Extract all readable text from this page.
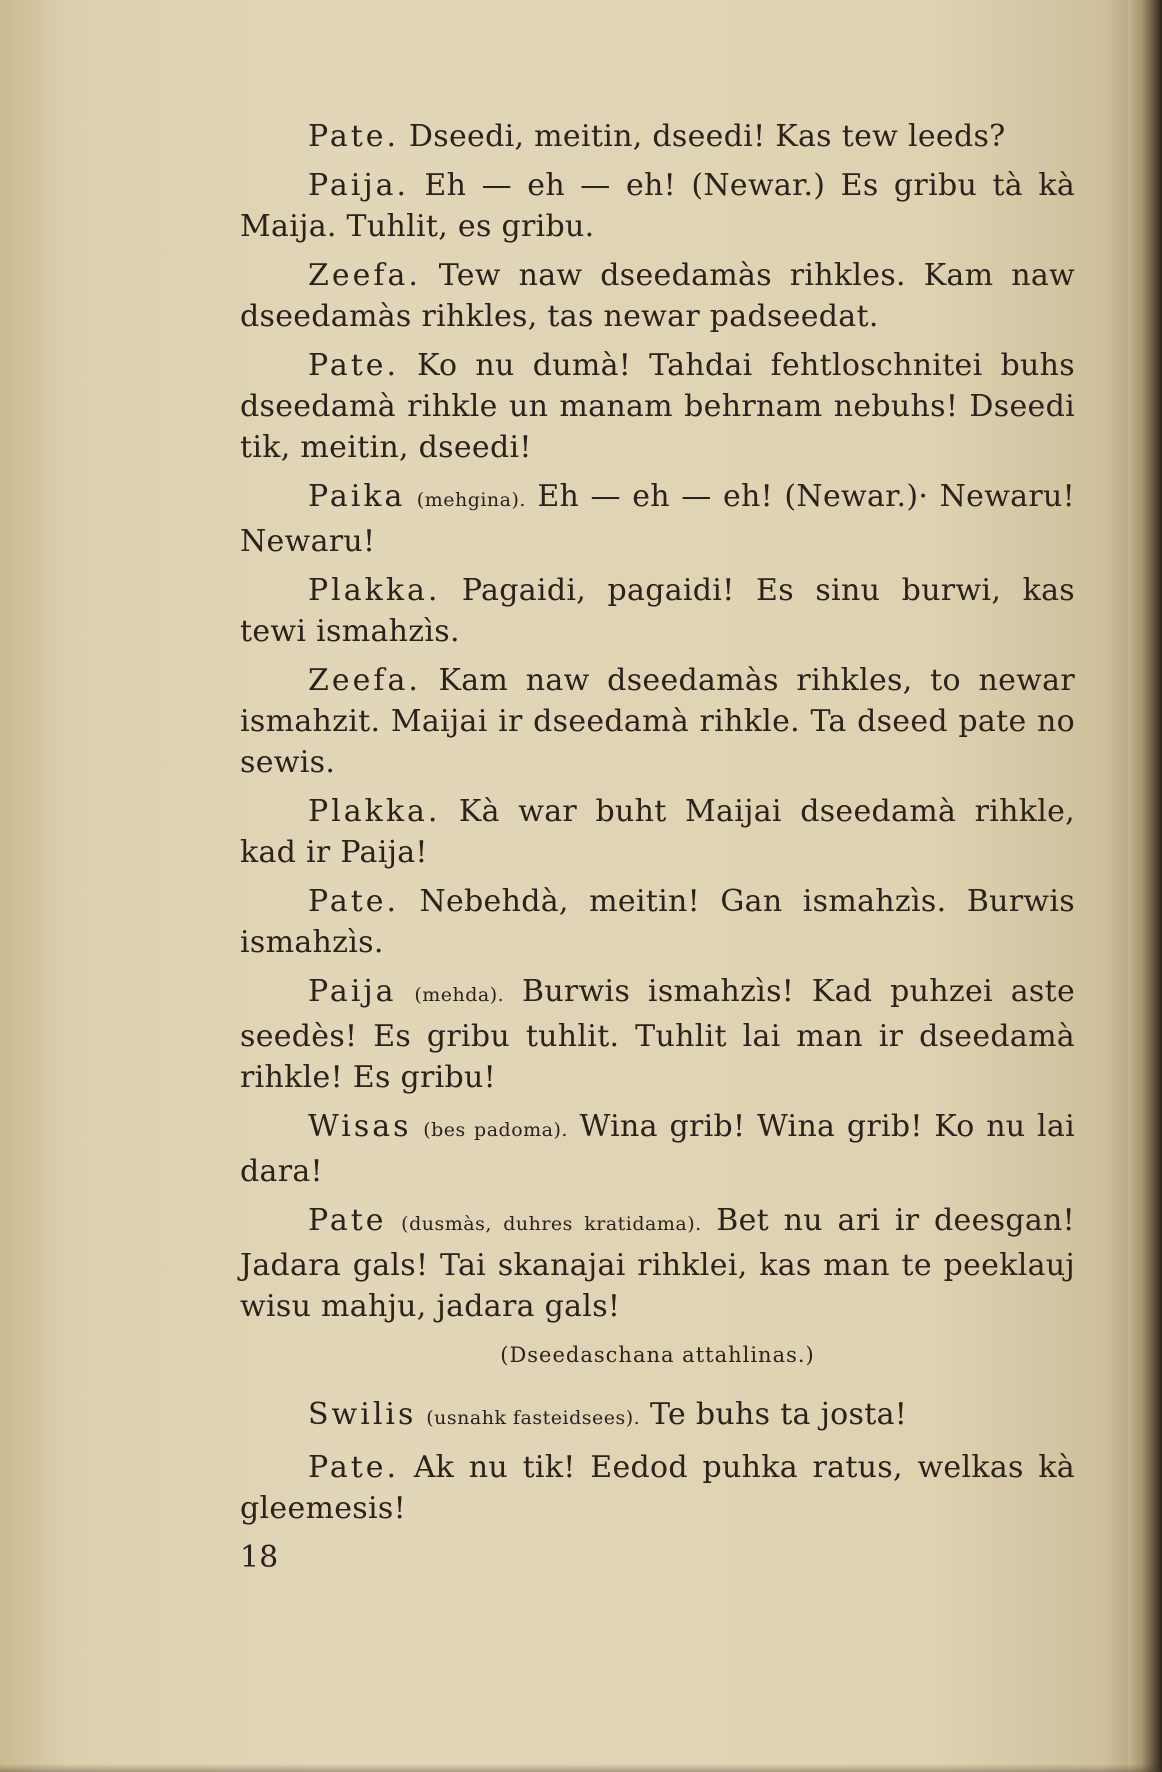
Pate. Dseedi, meitin, dseedi! Kas tew leeds?

Paija. Eh — eh — eh! (Newar.) Es gribu tà kà Maija. Tuhlit, es gribu.

Zeefa. Tew naw dseedamàs rihkles. Kam naw dseedamàs rihkles, tas newar padseedat.

Pate. Ko nu dumà! Tahdai fehtloschnitei buhs dseedamà rihkle un manam behrnam nebuhs! Dseedi tik, meitin, dseedi!

Paika (mehgina). Eh — eh — eh! (Newar.)· Newaru! Newaru!

Plakka. Pagaidi, pagaidi! Es sinu burwi, kas tewi ismahzìs.

Zeefa. Kam naw dseedamàs rihkles, to newar ismahzit. Maijai ir dseedamà rihkle. Ta dseed pate no sewis.

Plakka. Kà war buht Maijai dseedamà rihkle, kad ir Paija!

Pate. Nebehdà, meitin! Gan ismahzìs. Burwis ismahzìs.

Paija (mehda). Burwis ismahzìs! Kad puhzei aste seedès! Es gribu tuhlit. Tuhlit lai man ir dseedamà rihkle! Es gribu!

Wisas (bes padoma). Wina grib! Wina grib! Ko nu lai dara!

Pate (dusmàs, duhres kratidama). Bet nu ari ir deesgan! Jadara gals! Tai skanajai rihklei, kas man te peeklauj wisu mahju, jadara gals!

(Dseedaschana attahlinas.)

Swilis (usnahk fasteidsees). Te buhs ta josta!

Pate. Ak nu tik! Eedod puhka ratus, welkas kà gleemesis!

18
